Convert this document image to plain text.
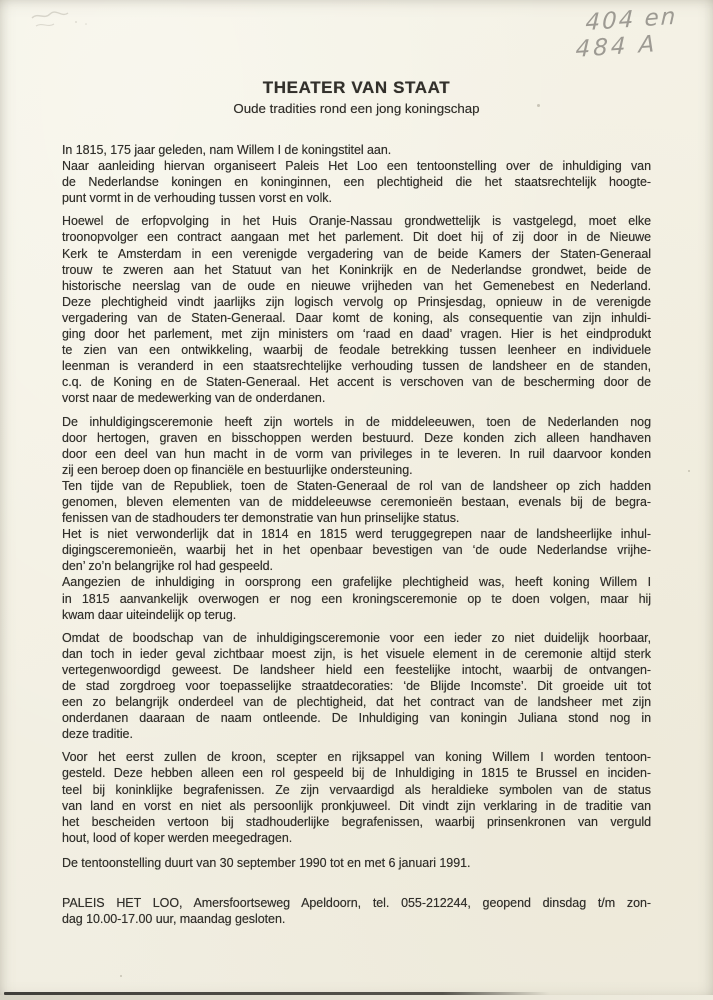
404 en
484 A
THEATER VAN STAAT
Oude tradities rond een jong koningschap
In 1815, 175 jaar geleden, nam Willem I de koningstitel aan.
Naar aanleiding hiervan organiseert Paleis Het Loo een tentoonstelling over de inhuldiging van
de Nederlandse koningen en koninginnen, een plechtigheid die het staatsrechtelijk hoogte-
punt vormt in de verhouding tussen vorst en volk.
Hoewel de erfopvolging in het Huis Oranje-Nassau grondwettelijk is vastgelegd, moet elke
troonopvolger een contract aangaan met het parlement. Dit doet hij of zij door in de Nieuwe
Kerk te Amsterdam in een verenigde vergadering van de beide Kamers der Staten-Generaal
trouw te zweren aan het Statuut van het Koninkrijk en de Nederlandse grondwet, beide de
historische neerslag van de oude en nieuwe vrijheden van het Gemenebest en Nederland.
Deze plechtigheid vindt jaarlijks zijn logisch vervolg op Prinsjesdag, opnieuw in de verenigde
vergadering van de Staten-Generaal. Daar komt de koning, als consequentie van zijn inhuldi-
ging door het parlement, met zijn ministers om ‘raad en daad’ vragen. Hier is het eindprodukt
te zien van een ontwikkeling, waarbij de feodale betrekking tussen leenheer en individuele
leenman is veranderd in een staatsrechtelijke verhouding tussen de landsheer en de standen,
c.q. de Koning en de Staten-Generaal. Het accent is verschoven van de bescherming door de
vorst naar de medewerking van de onderdanen.
De inhuldigingsceremonie heeft zijn wortels in de middeleeuwen, toen de Nederlanden nog
door hertogen, graven en bisschoppen werden bestuurd. Deze konden zich alleen handhaven
door een deel van hun macht in de vorm van privileges in te leveren. In ruil daarvoor konden
zij een beroep doen op financiële en bestuurlijke ondersteuning.
Ten tijde van de Republiek, toen de Staten-Generaal de rol van de landsheer op zich hadden
genomen, bleven elementen van de middeleeuwse ceremonieën bestaan, evenals bij de begra-
fenissen van de stadhouders ter demonstratie van hun prinselijke status.
Het is niet verwonderlijk dat in 1814 en 1815 werd teruggegrepen naar de landsheerlijke inhul-
digingsceremonieën, waarbij het in het openbaar bevestigen van ‘de oude Nederlandse vrijhe-
den’ zo’n belangrijke rol had gespeeld.
Aangezien de inhuldiging in oorsprong een grafelijke plechtigheid was, heeft koning Willem I
in 1815 aanvankelijk overwogen er nog een kroningsceremonie op te doen volgen, maar hij
kwam daar uiteindelijk op terug.
Omdat de boodschap van de inhuldigingsceremonie voor een ieder zo niet duidelijk hoorbaar,
dan toch in ieder geval zichtbaar moest zijn, is het visuele element in de ceremonie altijd sterk
vertegenwoordigd geweest. De landsheer hield een feestelijke intocht, waarbij de ontvangen-
de stad zorgdroeg voor toepasselijke straatdecoraties: ‘de Blijde Incomste’. Dit groeide uit tot
een zo belangrijk onderdeel van de plechtigheid, dat het contract van de landsheer met zijn
onderdanen daaraan de naam ontleende. De Inhuldiging van koningin Juliana stond nog in
deze traditie.
Voor het eerst zullen de kroon, scepter en rijksappel van koning Willem I worden tentoon-
gesteld. Deze hebben alleen een rol gespeeld bij de Inhuldiging in 1815 te Brussel en inciden-
teel bij koninklijke begrafenissen. Ze zijn vervaardigd als heraldieke symbolen van de status
van land en vorst en niet als persoonlijk pronkjuweel. Dit vindt zijn verklaring in de traditie van
het bescheiden vertoon bij stadhouderlijke begrafenissen, waarbij prinsenkronen van verguld
hout, lood of koper werden meegedragen.
De tentoonstelling duurt van 30 september 1990 tot en met 6 januari 1991.
PALEIS HET LOO, Amersfoortseweg Apeldoorn, tel. 055-212244, geopend dinsdag t/m zon-
dag 10.00-17.00 uur, maandag gesloten.
